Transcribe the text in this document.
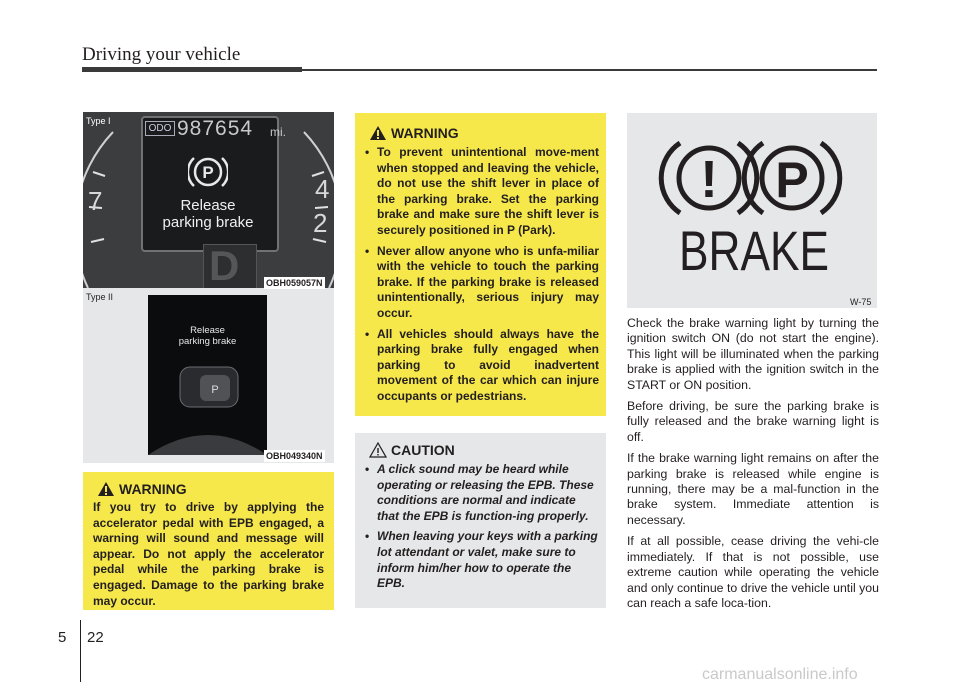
Driving your vehicle
ODO 987654 mi.
P
Release
parking brake
7	4
2
D
Type I
OBH059057N
Type II
Release
parking brake
P
OBH049340N
WARNING
If you try to drive by applying the accelerator pedal with EPB engaged, a warning will sound and message will appear. Do not apply the accelerator pedal while the parking brake is engaged. Damage to the parking brake may occur.
WARNING
• To prevent unintentional move-ment when stopped and leaving the vehicle, do not use the shift lever in place of the parking brake. Set the parking brake and make sure the shift lever is securely positioned in P (Park).
• Never allow anyone who is unfa-miliar with the vehicle to touch the parking brake. If the parking brake is released unintentionally, serious injury may occur.
• All vehicles should always have the parking brake fully engaged when parking to avoid inadvertent movement of the car which can injure occupants or pedestrians.
CAUTION
• A click sound may be heard while operating or releasing the EPB. These conditions are normal and indicate that the EPB is function-ing properly.
• When leaving your keys with a parking lot attendant or valet, make sure to inform him/her how to operate the EPB.
! P
BRAKE
W-75

Check the brake warning light by turning the ignition switch ON (do not start the engine). This light will be illuminated when the parking brake is applied with the ignition switch in the START or ON position.

Before driving, be sure the parking brake is fully released and the brake warning light is off.

If the brake warning light remains on after the parking brake is released while engine is running, there may be a mal-function in the brake system. Immediate attention is necessary.

If at all possible, cease driving the vehi-cle immediately. If that is not possible, use extreme caution while operating the vehicle and only continue to drive the vehicle until you can reach a safe loca-tion.

5 22
carmanualsonline.info
